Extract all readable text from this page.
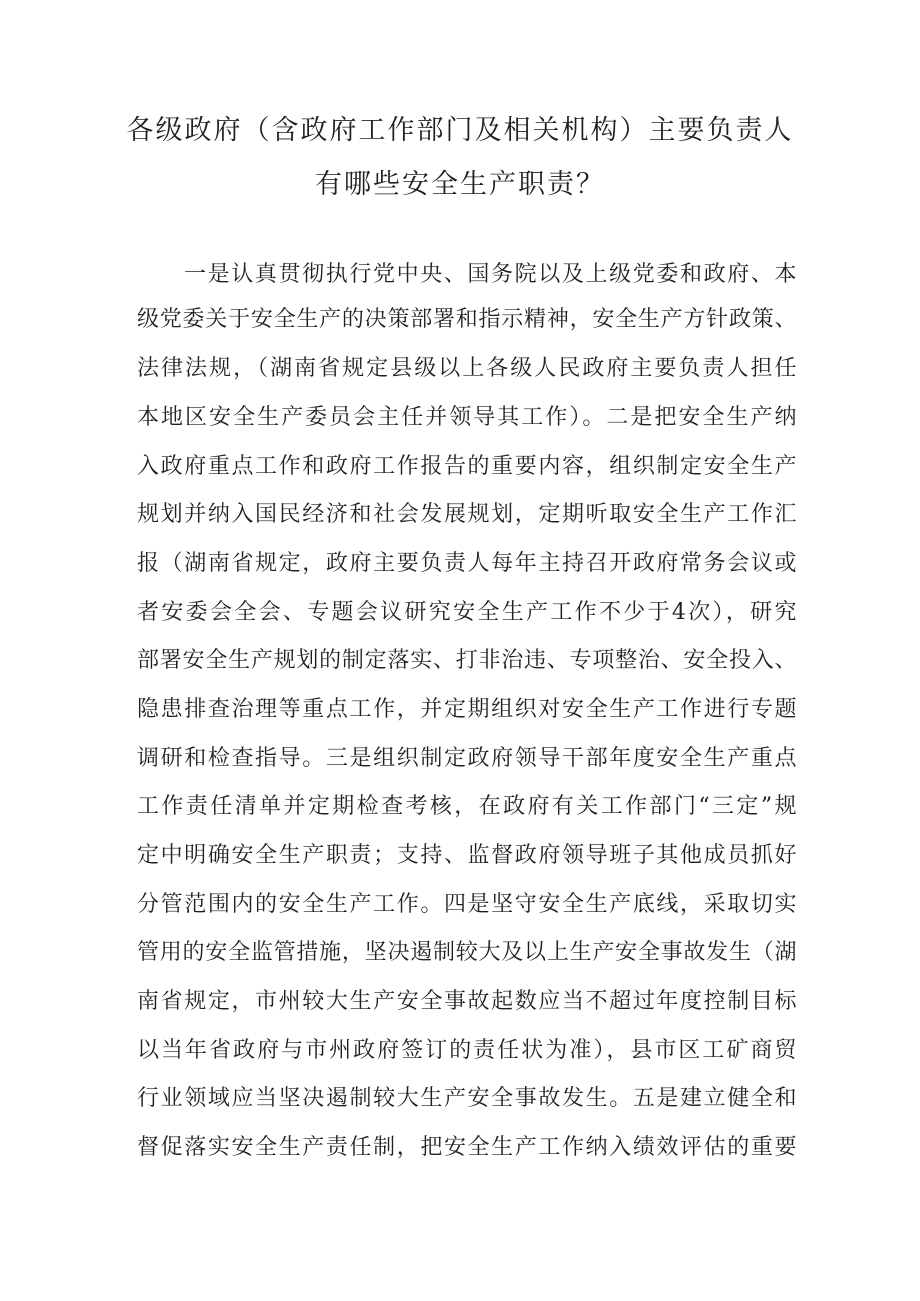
各级政府（含政府工作部门及相关机构）主要负责人
有哪些安全生产职责？
一是认真贯彻执行党中央、国务院以及上级党委和政府、本
级党委关于安全生产的决策部署和指示精神，安全生产方针政策、
法律法规，（湖南省规定县级以上各级人民政府主要负责人担任
本地区安全生产委员会主任并领导其工作）。二是把安全生产纳
入政府重点工作和政府工作报告的重要内容，组织制定安全生产
规划并纳入国民经济和社会发展规划，定期听取安全生产工作汇
报（湖南省规定，政府主要负责人每年主持召开政府常务会议或
者安委会全会、专题会议研究安全生产工作不少于4次），研究
部署安全生产规划的制定落实、打非治违、专项整治、安全投入、
隐患排查治理等重点工作，并定期组织对安全生产工作进行专题
调研和检查指导。三是组织制定政府领导干部年度安全生产重点
工作责任清单并定期检查考核，在政府有关工作部门“三定”规
定中明确安全生产职责；支持、监督政府领导班子其他成员抓好
分管范围内的安全生产工作。四是坚守安全生产底线，采取切实
管用的安全监管措施，坚决遏制较大及以上生产安全事故发生（湖
南省规定，市州较大生产安全事故起数应当不超过年度控制目标
以当年省政府与市州政府签订的责任状为准），县市区工矿商贸
行业领域应当坚决遏制较大生产安全事故发生。五是建立健全和
督促落实安全生产责任制，把安全生产工作纳入绩效评估的重要
